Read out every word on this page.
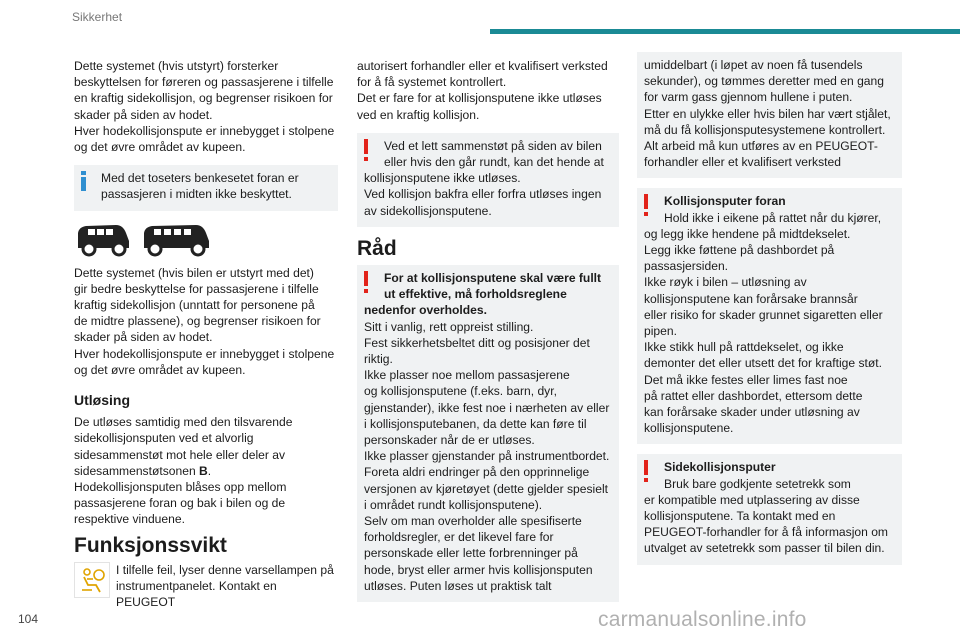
Sikkerhet

Dette systemet (hvis utstyrt) forsterker
beskyttelsen for føreren og passasjerene i tilfelle
en kraftig sidekollisjon, og begrenser risikoen for
skader på siden av hodet.
Hver hodekollisjonspute er innebygget i stolpene
og det øvre området av kupeen.

Med det toseters benkesetet foran er
passasjeren i midten ikke beskyttet.

Dette systemet (hvis bilen er utstyrt med det)
gir bedre beskyttelse for passasjerene i tilfelle
kraftig sidekollisjon (unntatt for personene på
de midtre plassene), og begrenser risikoen for
skader på siden av hodet.
Hver hodekollisjonspute er innebygget i stolpene
og det øvre området av kupeen.

Utløsing

De utløses samtidig med den tilsvarende
sidekollisjonsputen ved et alvorlig
sidesammenstøt mot hele eller deler av
sidesammenstøtsonen B.
Hodekollisjonsputen blåses opp mellom
passasjerene foran og bak i bilen og de
respektive vinduene.

Funksjonssvikt
I tilfelle feil, lyser denne varsellampen på
instrumentpanelet. Kontakt en PEUGEOT

autorisert forhandler eller et kvalifisert verksted
for å få systemet kontrollert.
Det er fare for at kollisjonsputene ikke utløses
ved en kraftig kollisjon.

Ved et lett sammenstøt på siden av bilen
eller hvis den går rundt, kan det hende at
kollisjonsputene ikke utløses.
Ved kollisjon bakfra eller forfra utløses ingen
av sidekollisjonsputene.
Råd
For at kollisjonsputene skal være fullt
ut effektive, må forholdsreglene
nedenfor overholdes.
Sitt i vanlig, rett oppreist stilling.
Fest sikkerhetsbeltet ditt og posisjoner det
riktig.
Ikke plasser noe mellom passasjerene
og kollisjonsputene (f.eks. barn, dyr,
gjenstander), ikke fest noe i nærheten av eller
i kollisjonsputebanen, da dette kan føre til
personskader når de er utløses.
Ikke plasser gjenstander på instrumentbordet.
Foreta aldri endringer på den opprinnelige
versjonen av kjøretøyet (dette gjelder spesielt
i området rundt kollisjonsputene).
Selv om man overholder alle spesifiserte
forholdsregler, er det likevel fare for
personskade eller lette forbrenninger på
hode, bryst eller armer hvis kollisjonsputen
utløses. Puten løses ut praktisk talt
umiddelbart (i løpet av noen få tusendels
sekunder), og tømmes deretter med en gang
for varm gass gjennom hullene i puten.
Etter en ulykke eller hvis bilen har vært stjålet,
må du få kollisjonsputesystemene kontrollert.
Alt arbeid må kun utføres av en PEUGEOT-
forhandler eller et kvalifisert verksted
Kollisjonsputer foran
Hold ikke i eikene på rattet når du kjører,
og legg ikke hendene på midtdekselet.
Legg ikke føttene på dashbordet på
passasjersiden.
Ikke røyk i bilen – utløsning av
kollisjonsputene kan forårsake brannsår
eller risiko for skader grunnet sigaretten eller
pipen.
Ikke stikk hull på rattdekselet, og ikke
demonter det eller utsett det for kraftige støt.
Det må ikke festes eller limes fast noe
på rattet eller dashbordet, ettersom dette
kan forårsake skader under utløsning av
kollisjonsputene.
Sidekollisjonsputer
Bruk bare godkjente setetrekk som
er kompatible med utplassering av disse
kollisjonsputene. Ta kontakt med en
PEUGEOT-forhandler for å få informasjon om
utvalget av setetrekk som passer til bilen din.
104	carmanualsonline.info
